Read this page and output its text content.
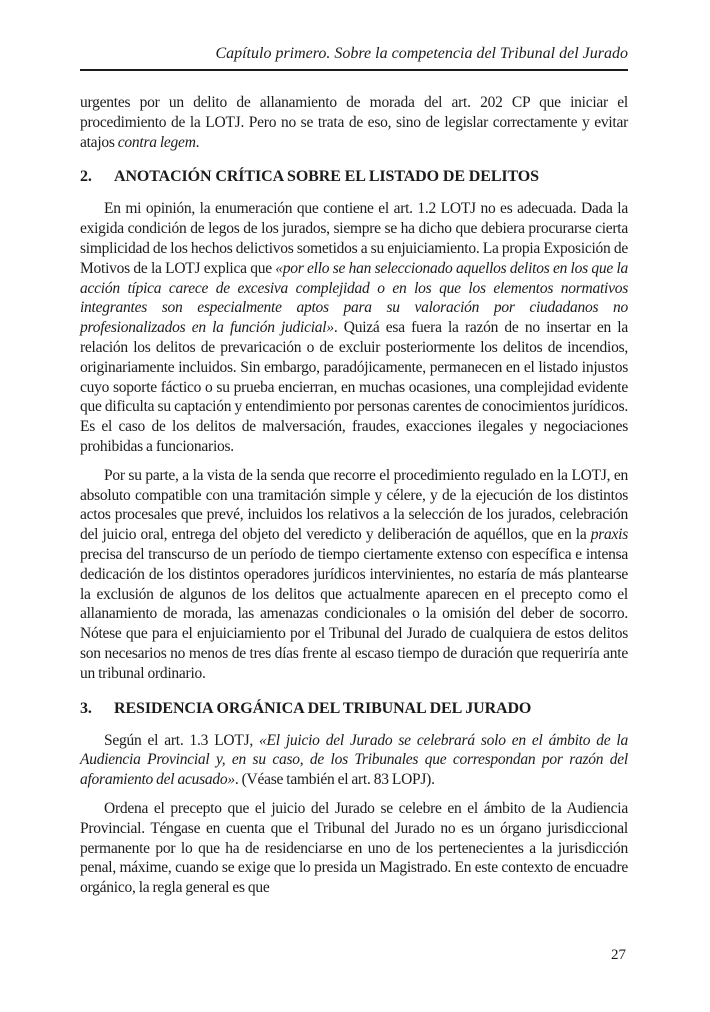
Capítulo primero. Sobre la competencia del Tribunal del Jurado

urgentes por un delito de allanamiento de morada del art. 202 CP que iniciar el procedimiento de la LOTJ. Pero no se trata de eso, sino de legislar correctamente y evitar atajos contra legem.

2. ANOTACIÓN CRÍTICA SOBRE EL LISTADO DE DELITOS

En mi opinión, la enumeración que contiene el art. 1.2 LOTJ no es adecuada. Dada la exigida condición de legos de los jurados, siempre se ha dicho que debiera procurarse cierta simplicidad de los hechos delictivos sometidos a su enjuiciamiento. La propia Exposición de Motivos de la LOTJ explica que «por ello se han seleccionado aquellos delitos en los que la acción típica carece de excesiva complejidad o en los que los elementos normativos integrantes son especialmente aptos para su valoración por ciudadanos no profesionalizados en la función judicial». Quizá esa fuera la razón de no insertar en la relación los delitos de prevaricación o de excluir posteriormente los delitos de incendios, originariamente incluidos. Sin embargo, paradójicamente, permanecen en el listado injustos cuyo soporte fáctico o su prueba encierran, en muchas ocasiones, una complejidad evidente que dificulta su captación y entendimiento por personas carentes de conocimientos jurídicos. Es el caso de los delitos de malversación, fraudes, exacciones ilegales y negociaciones prohibidas a funcionarios.

Por su parte, a la vista de la senda que recorre el procedimiento regulado en la LOTJ, en absoluto compatible con una tramitación simple y célere, y de la ejecución de los distintos actos procesales que prevé, incluidos los relativos a la selección de los jurados, celebración del juicio oral, entrega del objeto del veredicto y deliberación de aquéllos, que en la praxis precisa del transcurso de un período de tiempo ciertamente extenso con específica e intensa dedicación de los distintos operadores jurídicos intervinientes, no estaría de más plantearse la exclusión de algunos de los delitos que actualmente aparecen en el precepto como el allanamiento de morada, las amenazas condicionales o la omisión del deber de socorro. Nótese que para el enjuiciamiento por el Tribunal del Jurado de cualquiera de estos delitos son necesarios no menos de tres días frente al escaso tiempo de duración que requeriría ante un tribunal ordinario.

3. RESIDENCIA ORGÁNICA DEL TRIBUNAL DEL JURADO

Según el art. 1.3 LOTJ, «El juicio del Jurado se celebrará solo en el ámbito de la Audiencia Provincial y, en su caso, de los Tribunales que correspondan por razón del aforamiento del acusado». (Véase también el art. 83 LOPJ).

Ordena el precepto que el juicio del Jurado se celebre en el ámbito de la Audiencia Provincial. Téngase en cuenta que el Tribunal del Jurado no es un órgano jurisdiccional permanente por lo que ha de residenciarse en uno de los pertenecientes a la jurisdicción penal, máxime, cuando se exige que lo presida un Magistrado. En este contexto de encuadre orgánico, la regla general es que

27
